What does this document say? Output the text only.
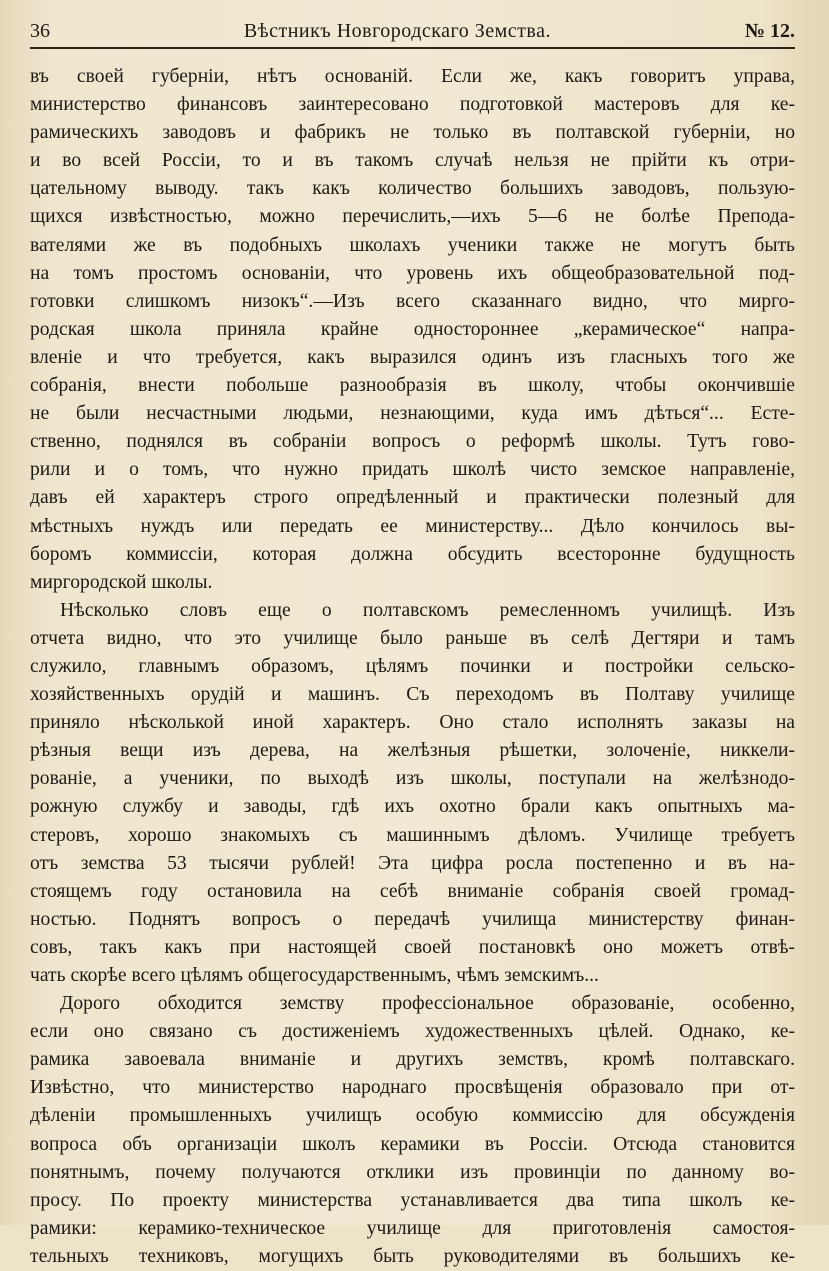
36	Вѣстникъ Новгородскаго Земства.	№ 12.

въ своей губерніи, нѣтъ основаній. Если же, какъ говоритъ управа,

министерство финансовъ заинтересовано подготовкой мастеровъ для ке-

рамическихъ заводовъ и фабрикъ не только въ полтавской губерніи, но

и во всей Россіи, то и въ такомъ случаѣ нельзя не прійти къ отри-

цательному выводу. такъ какъ количество большихъ заводовъ, пользую-

щихся извѣстностью, можно перечислить,—ихъ 5—6 не болѣе Препода-

вателями же въ подобныхъ школахъ ученики также не могутъ быть

на томъ простомъ основаніи, что уровень ихъ общеобразовательной под-

готовки слишкомъ низокъ“.—Изъ всего сказаннаго видно, что мирго-

родская школа приняла крайне одностороннее „керамическое“ напра-

вленіе и что требуется, какъ выразился одинъ изъ гласныхъ того же

собранія, внести побольше разнообразія въ школу, чтобы окончившіе

не были несчастными людьми, незнающими, куда имъ дѣться“... Есте-

ственно, поднялся въ собраніи вопросъ о реформѣ школы. Тутъ гово-

рили и о томъ, что нужно придать школѣ чисто земское направленіе,

давъ ей характеръ строго опредѣленный и практически полезный для

мѣстныхъ нуждъ или передать ее министерству... Дѣло кончилось вы-

боромъ коммиссіи, которая должна обсудить всесторонне будущность

миргородской школы.

Нѣсколько словъ еще о полтавскомъ ремесленномъ училищѣ. Изъ

отчета видно, что это училище было раньше въ селѣ Дегтяри и тамъ

служило, главнымъ образомъ, цѣлямъ починки и постройки сельско-

хозяйственныхъ орудій и машинъ. Съ переходомъ въ Полтаву училище

приняло нѣсколькой иной характеръ. Оно стало исполнять заказы на

рѣзныя вещи изъ дерева, на желѣзныя рѣшетки, золоченіе, никкели-

рованіе, а ученики, по выходѣ изъ школы, поступали на желѣзнодо-

рожную службу и заводы, гдѣ ихъ охотно брали какъ опытныхъ ма-

стеровъ, хорошо знакомыхъ съ машиннымъ дѣломъ. Училище требуетъ

отъ земства 53 тысячи рублей! Эта цифра росла постепенно и въ на-

стоящемъ году остановила на себѣ вниманіе собранія своей громад-

ностью. Поднятъ вопросъ о передачѣ училища министерству финан-

совъ, такъ какъ при настоящей своей постановкѣ оно можетъ отвѣ-

чать скорѣе всего цѣлямъ общегосударственнымъ, чѣмъ земскимъ...

Дорого обходится земству профессіональное образованіе, особенно,

если оно связано съ достиженіемъ художественныхъ цѣлей. Однако, ке-

рамика завоевала вниманіе и другихъ земствъ, кромѣ полтавскаго.

Извѣстно, что министерство народнаго просвѣщенія образовало при от-

дѣленіи промышленныхъ училищъ особую коммиссію для обсужденія

вопроса объ организаціи школъ керамики въ Россіи. Отсюда становится

понятнымъ, почему получаются отклики изъ провинціи по данному во-

просу. По проекту министерства устанавливается два типа школъ ке-

рамики: керамико-техническое училище для приготовленія самостоя-

тельныхъ техниковъ, могущихъ быть руководителями въ большихъ ке-
